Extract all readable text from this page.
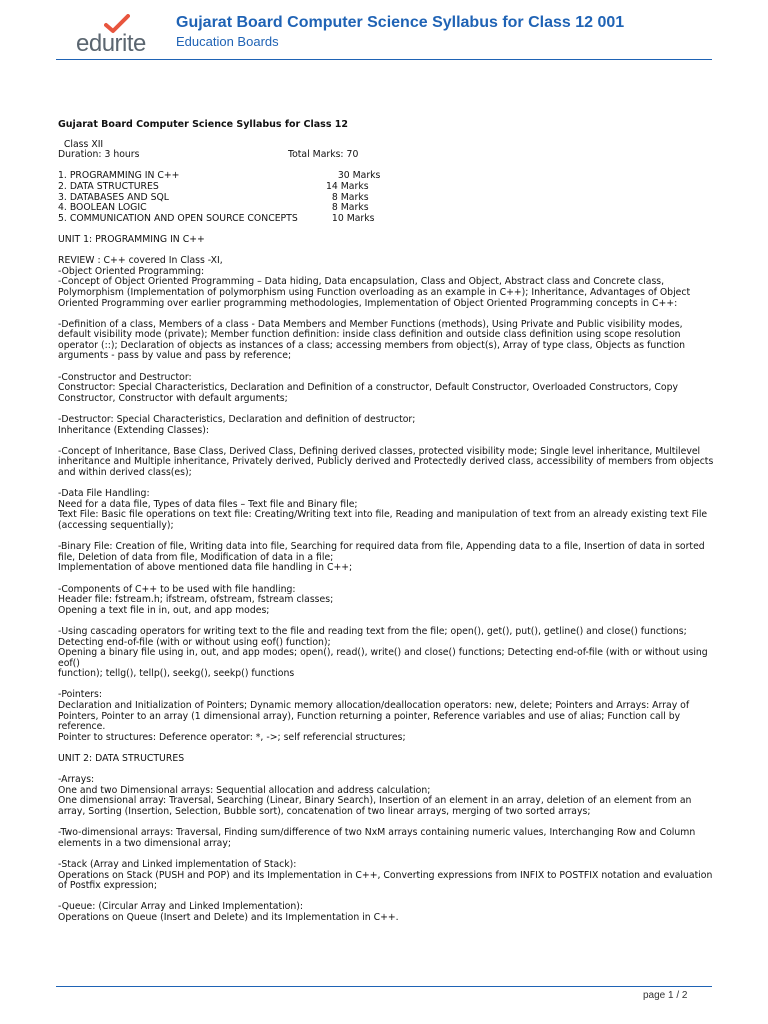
edurite
Gujarat Board Computer Science Syllabus for Class 12 001
Education Boards
Gujarat Board Computer Science Syllabus for Class 12
Class XII
Duration: 3 hours	Total Marks: 70
1. PROGRAMMING IN C++	30 Marks
2. DATA STRUCTURES	14 Marks
3. DATABASES AND SQL	8 Marks
4. BOOLEAN LOGIC	8 Marks
5. COMMUNICATION AND OPEN SOURCE CONCEPTS	10 Marks
UNIT 1: PROGRAMMING IN C++
REVIEW : C++ covered In Class -XI,
-Object Oriented Programming:
-Concept of Object Oriented Programming – Data hiding, Data encapsulation, Class and Object, Abstract class and Concrete class, Polymorphism (Implementation of polymorphism using Function overloading as an example in C++); Inheritance, Advantages of Object Oriented Programming over earlier programming methodologies, Implementation of Object Oriented Programming concepts in C++:
-Definition of a class, Members of a class - Data Members and Member Functions (methods), Using Private and Public visibility modes, default visibility mode (private); Member function definition: inside class definition and outside class definition using scope resolution operator (::); Declaration of objects as instances of a class; accessing members from object(s), Array of type class, Objects as function arguments - pass by value and pass by reference;
-Constructor and Destructor:
Constructor: Special Characteristics, Declaration and Definition of a constructor, Default Constructor, Overloaded Constructors, Copy Constructor, Constructor with default arguments;
-Destructor: Special Characteristics, Declaration and definition of destructor;
Inheritance (Extending Classes):
-Concept of Inheritance, Base Class, Derived Class, Defining derived classes, protected visibility mode; Single level inheritance, Multilevel inheritance and Multiple inheritance, Privately derived, Publicly derived and Protectedly derived class, accessibility of members from objects and within derived class(es);
-Data File Handling:
Need for a data file, Types of data files – Text file and Binary file;
Text File: Basic file operations on text file: Creating/Writing text into file, Reading and manipulation of text from an already existing text File (accessing sequentially);
-Binary File: Creation of file, Writing data into file, Searching for required data from file, Appending data to a file, Insertion of data in sorted file, Deletion of data from file, Modification of data in a file;
Implementation of above mentioned data file handling in C++;
-Components of C++ to be used with file handling:
Header file: fstream.h; ifstream, ofstream, fstream classes;
Opening a text file in in, out, and app modes;
-Using cascading operators for writing text to the file and reading text from the file; open(), get(), put(), getline() and close() functions;
Detecting end-of-file (with or without using eof() function);
Opening a binary file using in, out, and app modes; open(), read(), write() and close() functions; Detecting end-of-file (with or without using eof()
function); tellg(), tellp(), seekg(), seekp() functions
-Pointers:
Declaration and Initialization of Pointers; Dynamic memory allocation/deallocation operators: new, delete; Pointers and Arrays: Array of Pointers, Pointer to an array (1 dimensional array), Function returning a pointer, Reference variables and use of alias; Function call by reference.
Pointer to structures: Deference operator: *, ->; self referencial structures;
UNIT 2: DATA STRUCTURES
-Arrays:
One and two Dimensional arrays: Sequential allocation and address calculation;
One dimensional array: Traversal, Searching (Linear, Binary Search), Insertion of an element in an array, deletion of an element from an array, Sorting (Insertion, Selection, Bubble sort), concatenation of two linear arrays, merging of two sorted arrays;
-Two-dimensional arrays: Traversal, Finding sum/difference of two NxM arrays containing numeric values, Interchanging Row and Column elements in a two dimensional array;
-Stack (Array and Linked implementation of Stack):
Operations on Stack (PUSH and POP) and its Implementation in C++, Converting expressions from INFIX to POSTFIX notation and evaluation of Postfix expression;
-Queue: (Circular Array and Linked Implementation):
Operations on Queue (Insert and Delete) and its Implementation in C++.
page 1 / 2
